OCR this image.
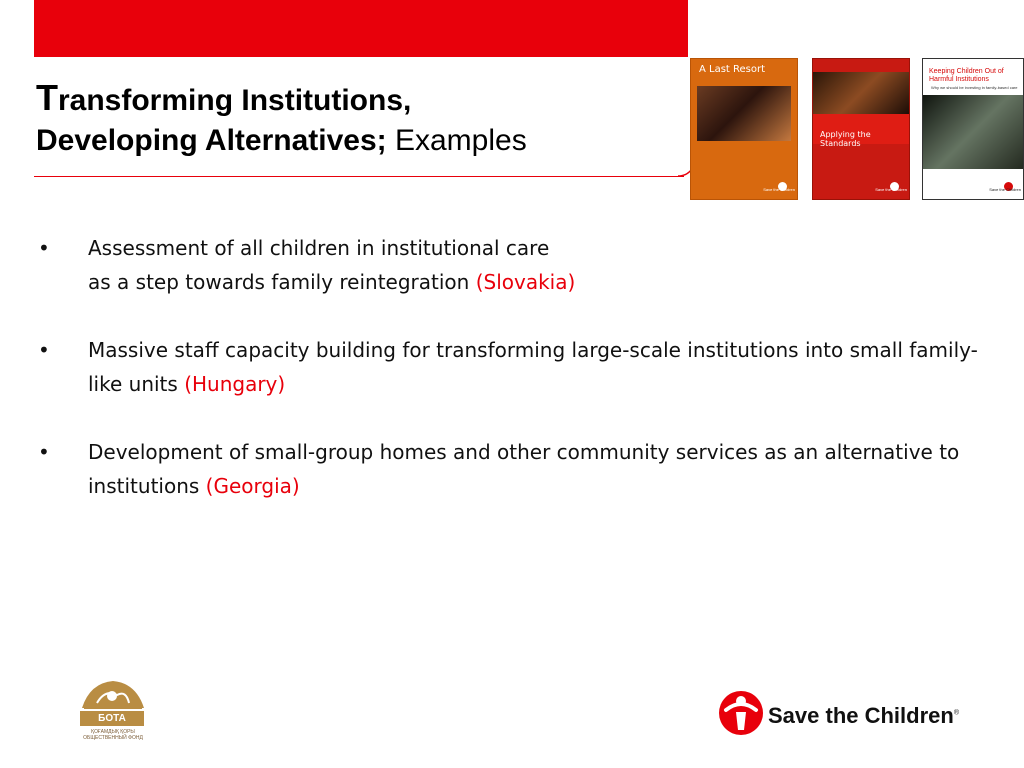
Transforming Institutions,
Developing Alternatives; Examples
•	Assessment of all children in institutional care
as a step towards family reintegration (Slovakia)
•	Massive staff capacity building for transforming large-scale institutions into small family-like units (Hungary)
•	Development of small-group homes and other community services as an alternative to institutions (Georgia)
A Last Resort
Save the Children
Applying the Standards
Save the Children
Keeping Children Out of Harmful Institutions
Why we should be investing in family-based care
Save the Children
БОТА
ҚОҒАМДЫҚ ҚОРЫ
ОБЩЕСТВЕННЫЙ ФОНД
Save the Children®
